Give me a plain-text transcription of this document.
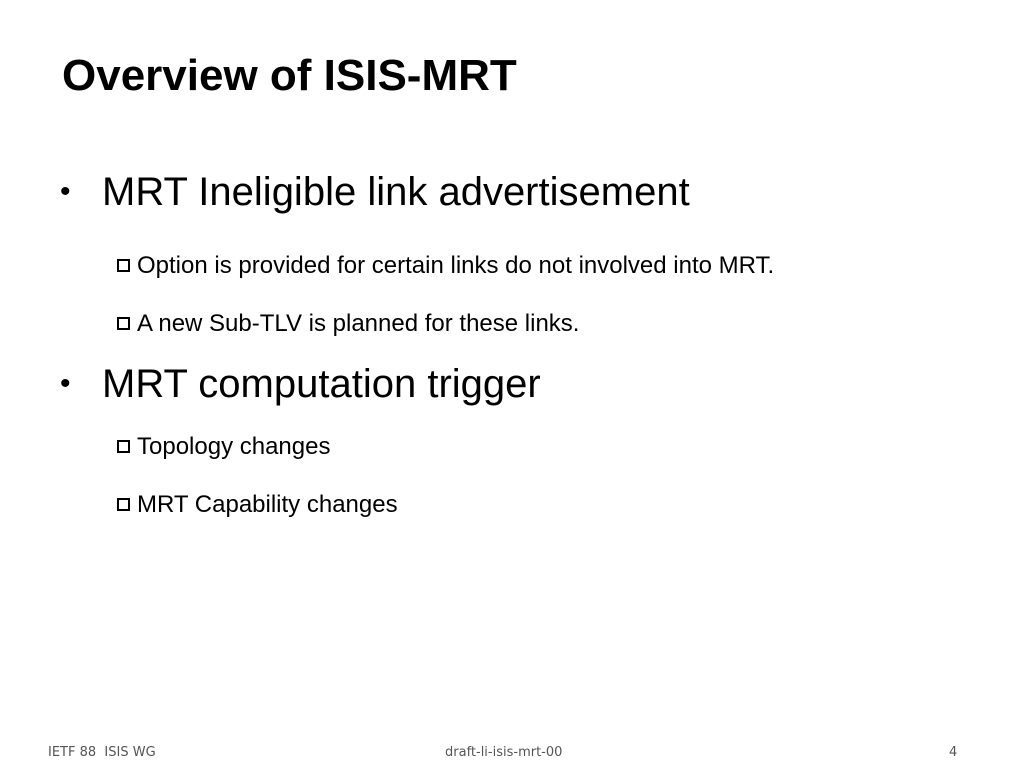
Overview of ISIS-MRT
• MRT Ineligible link advertisement
Option is provided for certain links do not involved into MRT.
A new Sub-TLV is planned for these links.
• MRT computation trigger
Topology changes
MRT Capability changes
IETF 88  ISIS WG	draft-li-isis-mrt-00	4
